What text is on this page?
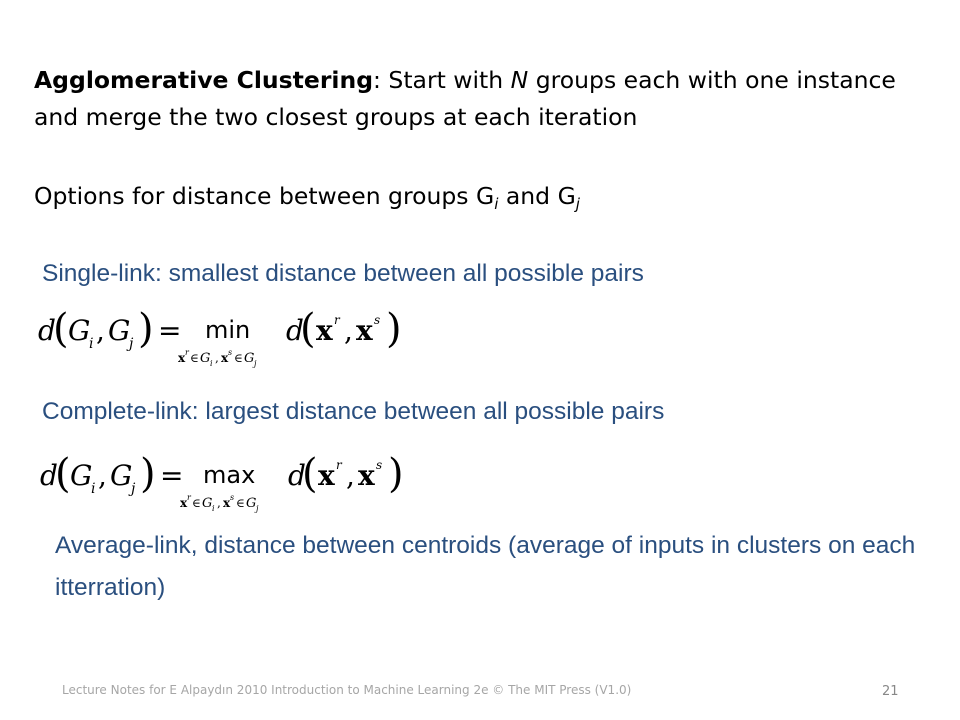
Agglomerative Clustering: Start with N groups each with one instance and merge the two closest groups at each iteration
Options for distance between groups $G_i$ and $G_j$
Single-link: smallest distance between all possible pairs
d
( G
i , G
j ) = min
x r ∈ G i , x s ∈ G j
d
( x r , x s )
Complete-link: largest distance between all possible pairs
d
( G
i , G
j ) = max
x r ∈ G i , x s ∈ G j
d
( x r , x s )
Average-link, distance between centroids (average of inputs in clusters on each itterration)
Lecture Notes for E Alpaydın 2010 Introduction to Machine Learning 2e © The MIT Press (V1.0)	21
